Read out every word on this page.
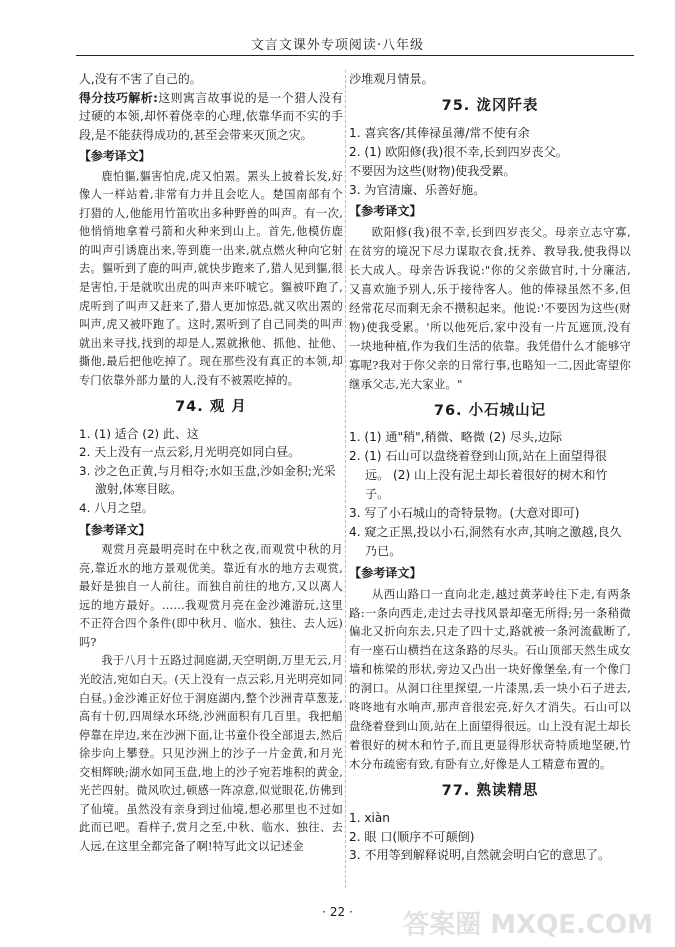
文言文课外专项阅读·八年级

人,没有不害了自己的。

得分技巧解析:这则寓言故事说的是一个猎人没有过硬的本领,却怀着侥幸的心理,依靠华而不实的手段,是不能获得成功的,甚至会带来灭顶之灾。

【参考译文】

鹿怕貙,貙害怕虎,虎又怕罴。罴头上披着长发,好像人一样站着,非常有力并且会吃人。楚国南部有个打猎的人,他能用竹笛吹出多种野兽的叫声。有一次,他悄悄地拿着弓箭和火种来到山上。首先,他模仿鹿的叫声引诱鹿出来,等到鹿一出来,就点燃火种向它射去。貙听到了鹿的叫声,就快步跑来了,猎人见到貙,很是害怕,于是就吹出虎的叫声来吓唬它。貙被吓跑了,虎听到了叫声又赶来了,猎人更加惊恐,就又吹出罴的叫声,虎又被吓跑了。这时,罴听到了自己同类的叫声就出来寻找,找到的却是人,罴就揪他、抓他、扯他、撕他,最后把他吃掉了。现在那些没有真正的本领,却专门依靠外部力量的人,没有不被罴吃掉的。

74. 观 月

1. (1) 适合 (2) 此、这

2. 天上没有一点云彩,月光明亮如同白昼。

3. 沙之色正黄,与月相夺;水如玉盘,沙如金积;光采激射,体寒目眩。

4. 八月之望。

【参考译文】

观赏月亮最明亮时在中秋之夜,而观赏中秋的月亮,靠近水的地方景观优美。靠近有水的地方去观赏,最好是独自一人前往。而独自前往的地方,又以离人远的地方最好。……我观赏月亮在金沙滩游玩,这里不正符合四个条件(即中秋月、临水、独往、去人远)吗?

我于八月十五路过洞庭湖,天空明朗,万里无云,月光皎洁,宛如白天。(天上没有一点云彩,月光明亮如同白昼。)金沙滩正好位于洞庭湖内,整个沙洲青草葱茏,高有十仞,四周绿水环绕,沙洲面积有几百里。我把船停靠在岸边,来在沙洲下面,让书童仆役全部退去,然后徐步向上攀登。只见沙洲上的沙子一片金黄,和月光交相辉映;湖水如同玉盘,地上的沙子宛若堆积的黄金,光芒四射。微风吹过,顿感一阵凉意,似觉眼花,仿佛到了仙境。虽然没有亲身到过仙境,想必那里也不过如此而已吧。看样子,赏月之至,中秋、临水、独往、去人远,在这里全都完备了啊!特写此文以记述金

沙堆观月情景。

75. 泷冈阡表

1. 喜宾客/其俸禄虽薄/常不使有余

2. (1) 欧阳修(我)很不幸,长到四岁丧父。

不要因为这些(财物)使我受累。

3. 为官清廉、乐善好施。

【参考译文】

欧阳修(我)很不幸,长到四岁丧父。母亲立志守寡,在贫穷的境况下尽力谋取衣食,抚养、教导我,使我得以长大成人。母亲告诉我说:"你的父亲做官时,十分廉洁,又喜欢施予别人,乐于接待客人。他的俸禄虽然不多,但经常花尽而剩无余不攒积起来。他说:'不要因为这些(财物)使我受累。'所以他死后,家中没有一片瓦遮顶,没有一块地种植,作为我们生活的依靠。我凭借什么才能够守寡呢?我对于你父亲的日常行事,也略知一二,因此寄望你继承父志,光大家业。"

76. 小石城山记

1. (1) 通"稍",稍微、略微 (2) 尽头,边际

2. (1) 石山可以盘绕着登到山顶,站在上面望得很远。 (2) 山上没有泥土却长着很好的树木和竹子。

3. 写了小石城山的奇特景物。(大意对即可)

4. 窥之正黑,投以小石,洞然有水声,其响之激越,良久乃已。

【参考译文】

从西山路口一直向北走,越过黄茅岭往下走,有两条路:一条向西走,走过去寻找风景却毫无所得;另一条稍微偏北又折向东去,只走了四十丈,路就被一条河流截断了,有一座石山横挡在这条路的尽头。石山顶部天然生成女墙和栋梁的形状,旁边又凸出一块好像堡垒,有一个像门的洞口。从洞口往里探望,一片漆黑,丢一块小石子进去,咚咚地有水响声,那声音很宏亮,好久才消失。石山可以盘绕着登到山顶,站在上面望得很远。山上没有泥土却长着很好的树木和竹子,而且更显得形状奇特质地坚硬,竹木分布疏密有致,有卧有立,好像是人工精意布置的。

77. 熟读精思

1. xiàn

2. 眼 口(顺序不可颠倒)

3. 不用等到解释说明,自然就会明白它的意思了。

· 22 ·	答案圈 MXQE.COM
